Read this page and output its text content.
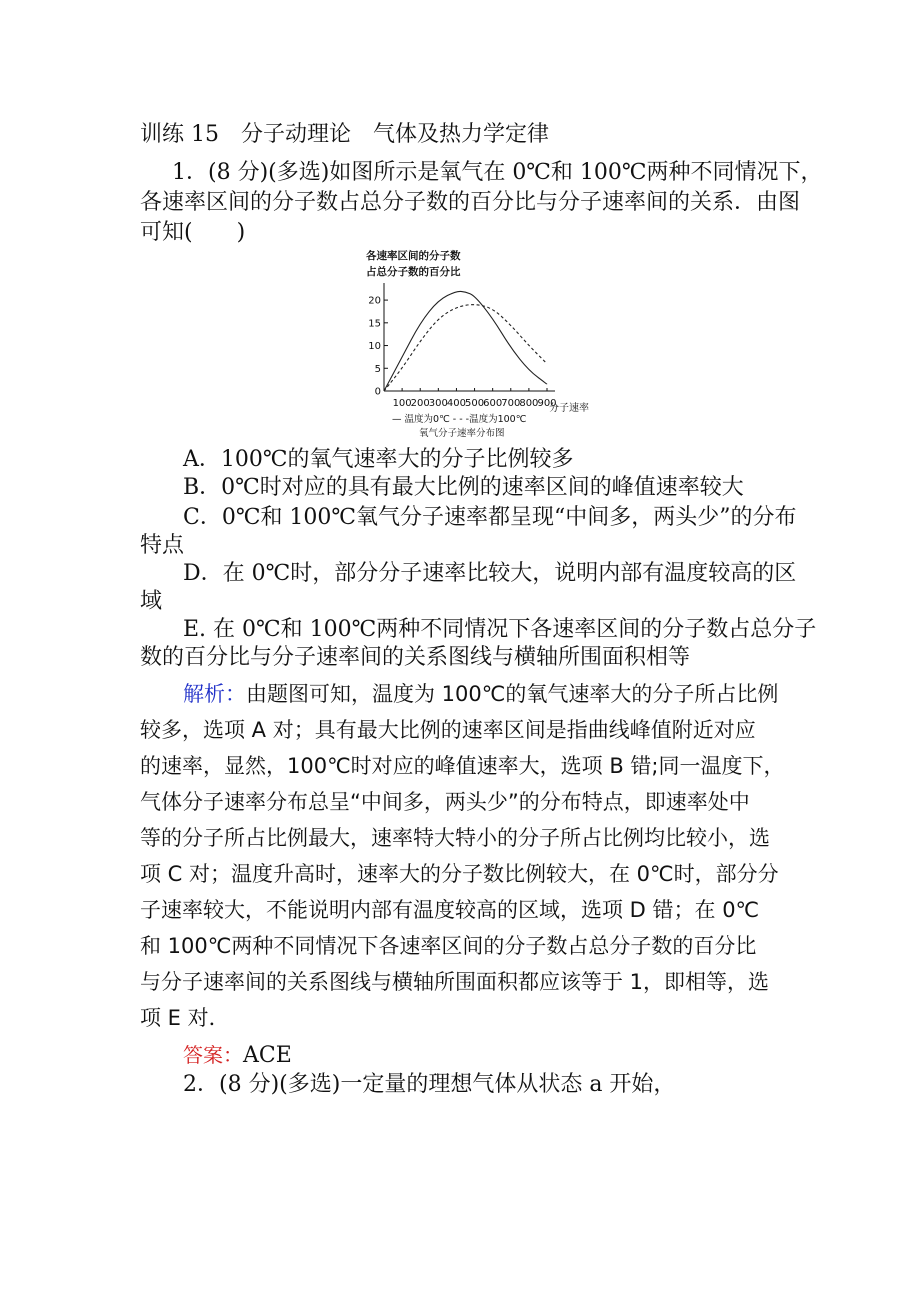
训练 15　分子动理论　气体及热力学定律
1．(8 分)(多选)如图所示是氧气在 0℃和 100℃两种不同情况下，
各速率区间的分子数占总分子数的百分比与分子速率间的关系．由图
可知(　　)
各速率区间的分子数
占总分子数的百分比
0
5
10
15
20
100 200 300 400 500 600 700 800 900
分子速率
— 温度为0℃ - - -温度为100℃
氧气分子速率分布图
A．100℃的氧气速率大的分子比例较多
B．0℃时对应的具有最大比例的速率区间的峰值速率较大
C．0℃和 100℃氧气分子速率都呈现“中间多，两头少”的分布
特点
D．在 0℃时，部分分子速率比较大，说明内部有温度较高的区
域
E. 在 0℃和 100℃两种不同情况下各速率区间的分子数占总分子
数的百分比与分子速率间的关系图线与横轴所围面积相等
解析：由题图可知，温度为 100℃的氧气速率大的分子所占比例
较多，选项 A 对；具有最大比例的速率区间是指曲线峰值附近对应
的速率，显然，100℃时对应的峰值速率大，选项 B 错;同一温度下，
气体分子速率分布总呈“中间多，两头少”的分布特点，即速率处中
等的分子所占比例最大，速率特大特小的分子所占比例均比较小，选
项 C 对；温度升高时，速率大的分子数比例较大，在 0℃时，部分分
子速率较大，不能说明内部有温度较高的区域，选项 D 错；在 0℃
和 100℃两种不同情况下各速率区间的分子数占总分子数的百分比
与分子速率间的关系图线与横轴所围面积都应该等于 1，即相等，选
项 E 对．
答案：ACE
2．(8 分)(多选)一定量的理想气体从状态 a 开始，
